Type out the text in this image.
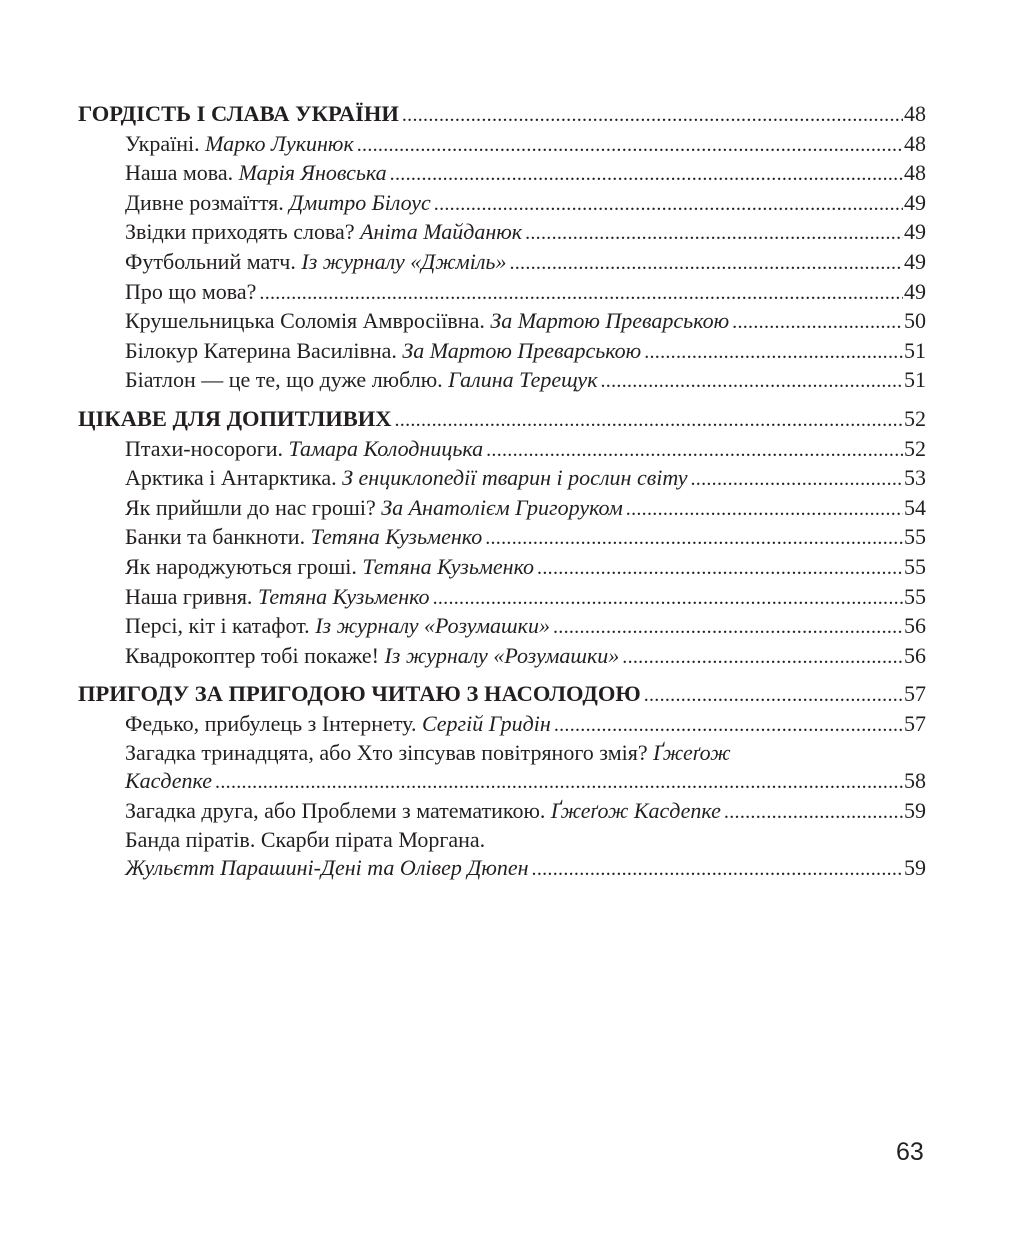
ГОРДІСТЬ І СЛАВА УКРАЇНИ .....	48
Україні. Марко Лукинюк .....	48
Наша мова. Марія Яновська .....	48
Дивне розмаїття. Дмитро Білоус .....	49
Звідки приходять слова? Аніта Майданюк .....	49
Футбольний матч. Із журналу «Джміль» .....	49
Про що мова? .....	49
Крушельницька Соломія Амвросіївна. За Мартою Преварською .....	50
Білокур Катерина Василівна. За Мартою Преварською .....	51
Біатлон — це те, що дуже люблю. Галина Терещук .....	51
ЦІКАВЕ ДЛЯ ДОПИТЛИВИХ .....	52
Птахи-носороги. Тамара Колодницька .....	52
Арктика і Антарктика. З енциклопедії тварин і рослин світу .....	53
Як прийшли до нас гроші? За Анатолієм Григоруком .....	54
Банки та банкноти. Тетяна Кузьменко .....	55
Як народжуються гроші. Тетяна Кузьменко .....	55
Наша гривня. Тетяна Кузьменко .....	55
Персі, кіт і катафот. Із журналу «Розумашки» .....	56
Квадрокоптер тобі покаже! Із журналу «Розумашки» .....	56
ПРИГОДУ ЗА ПРИГОДОЮ ЧИТАЮ З НАСОЛОДОЮ .....	57
Федько, прибулець з Інтернету. Сергій Гридін .....	57
Загадка тринадцята, або Хто зіпсував повітряного змія? Ґжеґож
Касдепке .....	58
Загадка друга, або Проблеми з математикою. Ґжеґож Касдепке .....	59
Банда піратів. Скарби пірата Моргана.
Жульєтт Парашині-Дені та Олівер Дюпен .....	59
63
